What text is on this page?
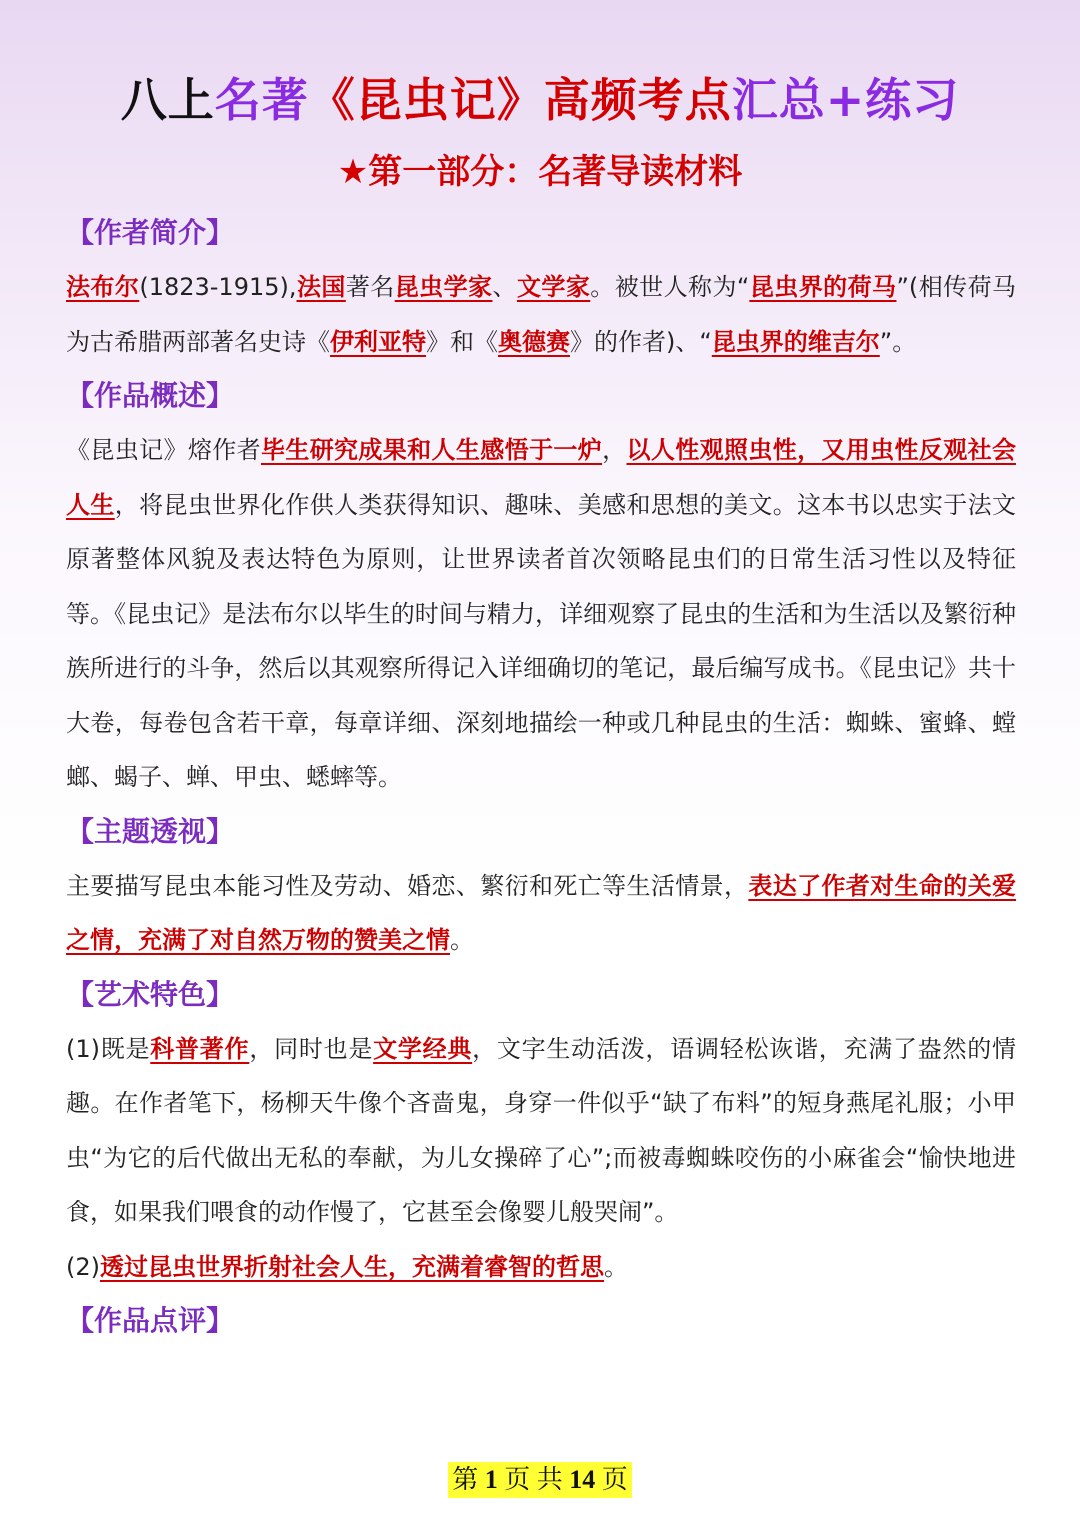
八上名著《昆虫记》高频考点汇总+练习
★第一部分：名著导读材料
【作者简介】
法布尔(1823-1915),法国著名昆虫学家、文学家。被世人称为“昆虫界的荷马”(相传荷马为古希腊两部著名史诗《伊利亚特》和《奥德赛》的作者)、“昆虫界的维吉尔”。
【作品概述】
《昆虫记》熔作者毕生研究成果和人生感悟于一炉，以人性观照虫性，又用虫性反观社会人生，将昆虫世界化作供人类获得知识、趣味、美感和思想的美文。这本书以忠实于法文原著整体风貌及表达特色为原则，让世界读者首次领略昆虫们的日常生活习性以及特征等。《昆虫记》是法布尔以毕生的时间与精力，详细观察了昆虫的生活和为生活以及繁衍种族所进行的斗争，然后以其观察所得记入详细确切的笔记，最后编写成书。《昆虫记》共十大卷，每卷包含若干章，每章详细、深刻地描绘一种或几种昆虫的生活：蜘蛛、蜜蜂、螳螂、蝎子、蝉、甲虫、蟋蟀等。
【主题透视】
主要描写昆虫本能习性及劳动、婚恋、繁衍和死亡等生活情景，表达了作者对生命的关爱之情，充满了对自然万物的赞美之情。
【艺术特色】
(1)既是科普著作，同时也是文学经典，文字生动活泼，语调轻松诙谐，充满了盎然的情趣。在作者笔下，杨柳天牛像个吝啬鬼，身穿一件似乎“缺了布料”的短身燕尾礼服；小甲虫“为它的后代做出无私的奉献，为儿女操碎了心”;而被毒蜘蛛咬伤的小麻雀会“愉快地进食，如果我们喂食的动作慢了，它甚至会像婴儿般哭闹”。
(2)透过昆虫世界折射社会人生，充满着睿智的哲思。
【作品点评】
第 1 页 共 14 页
